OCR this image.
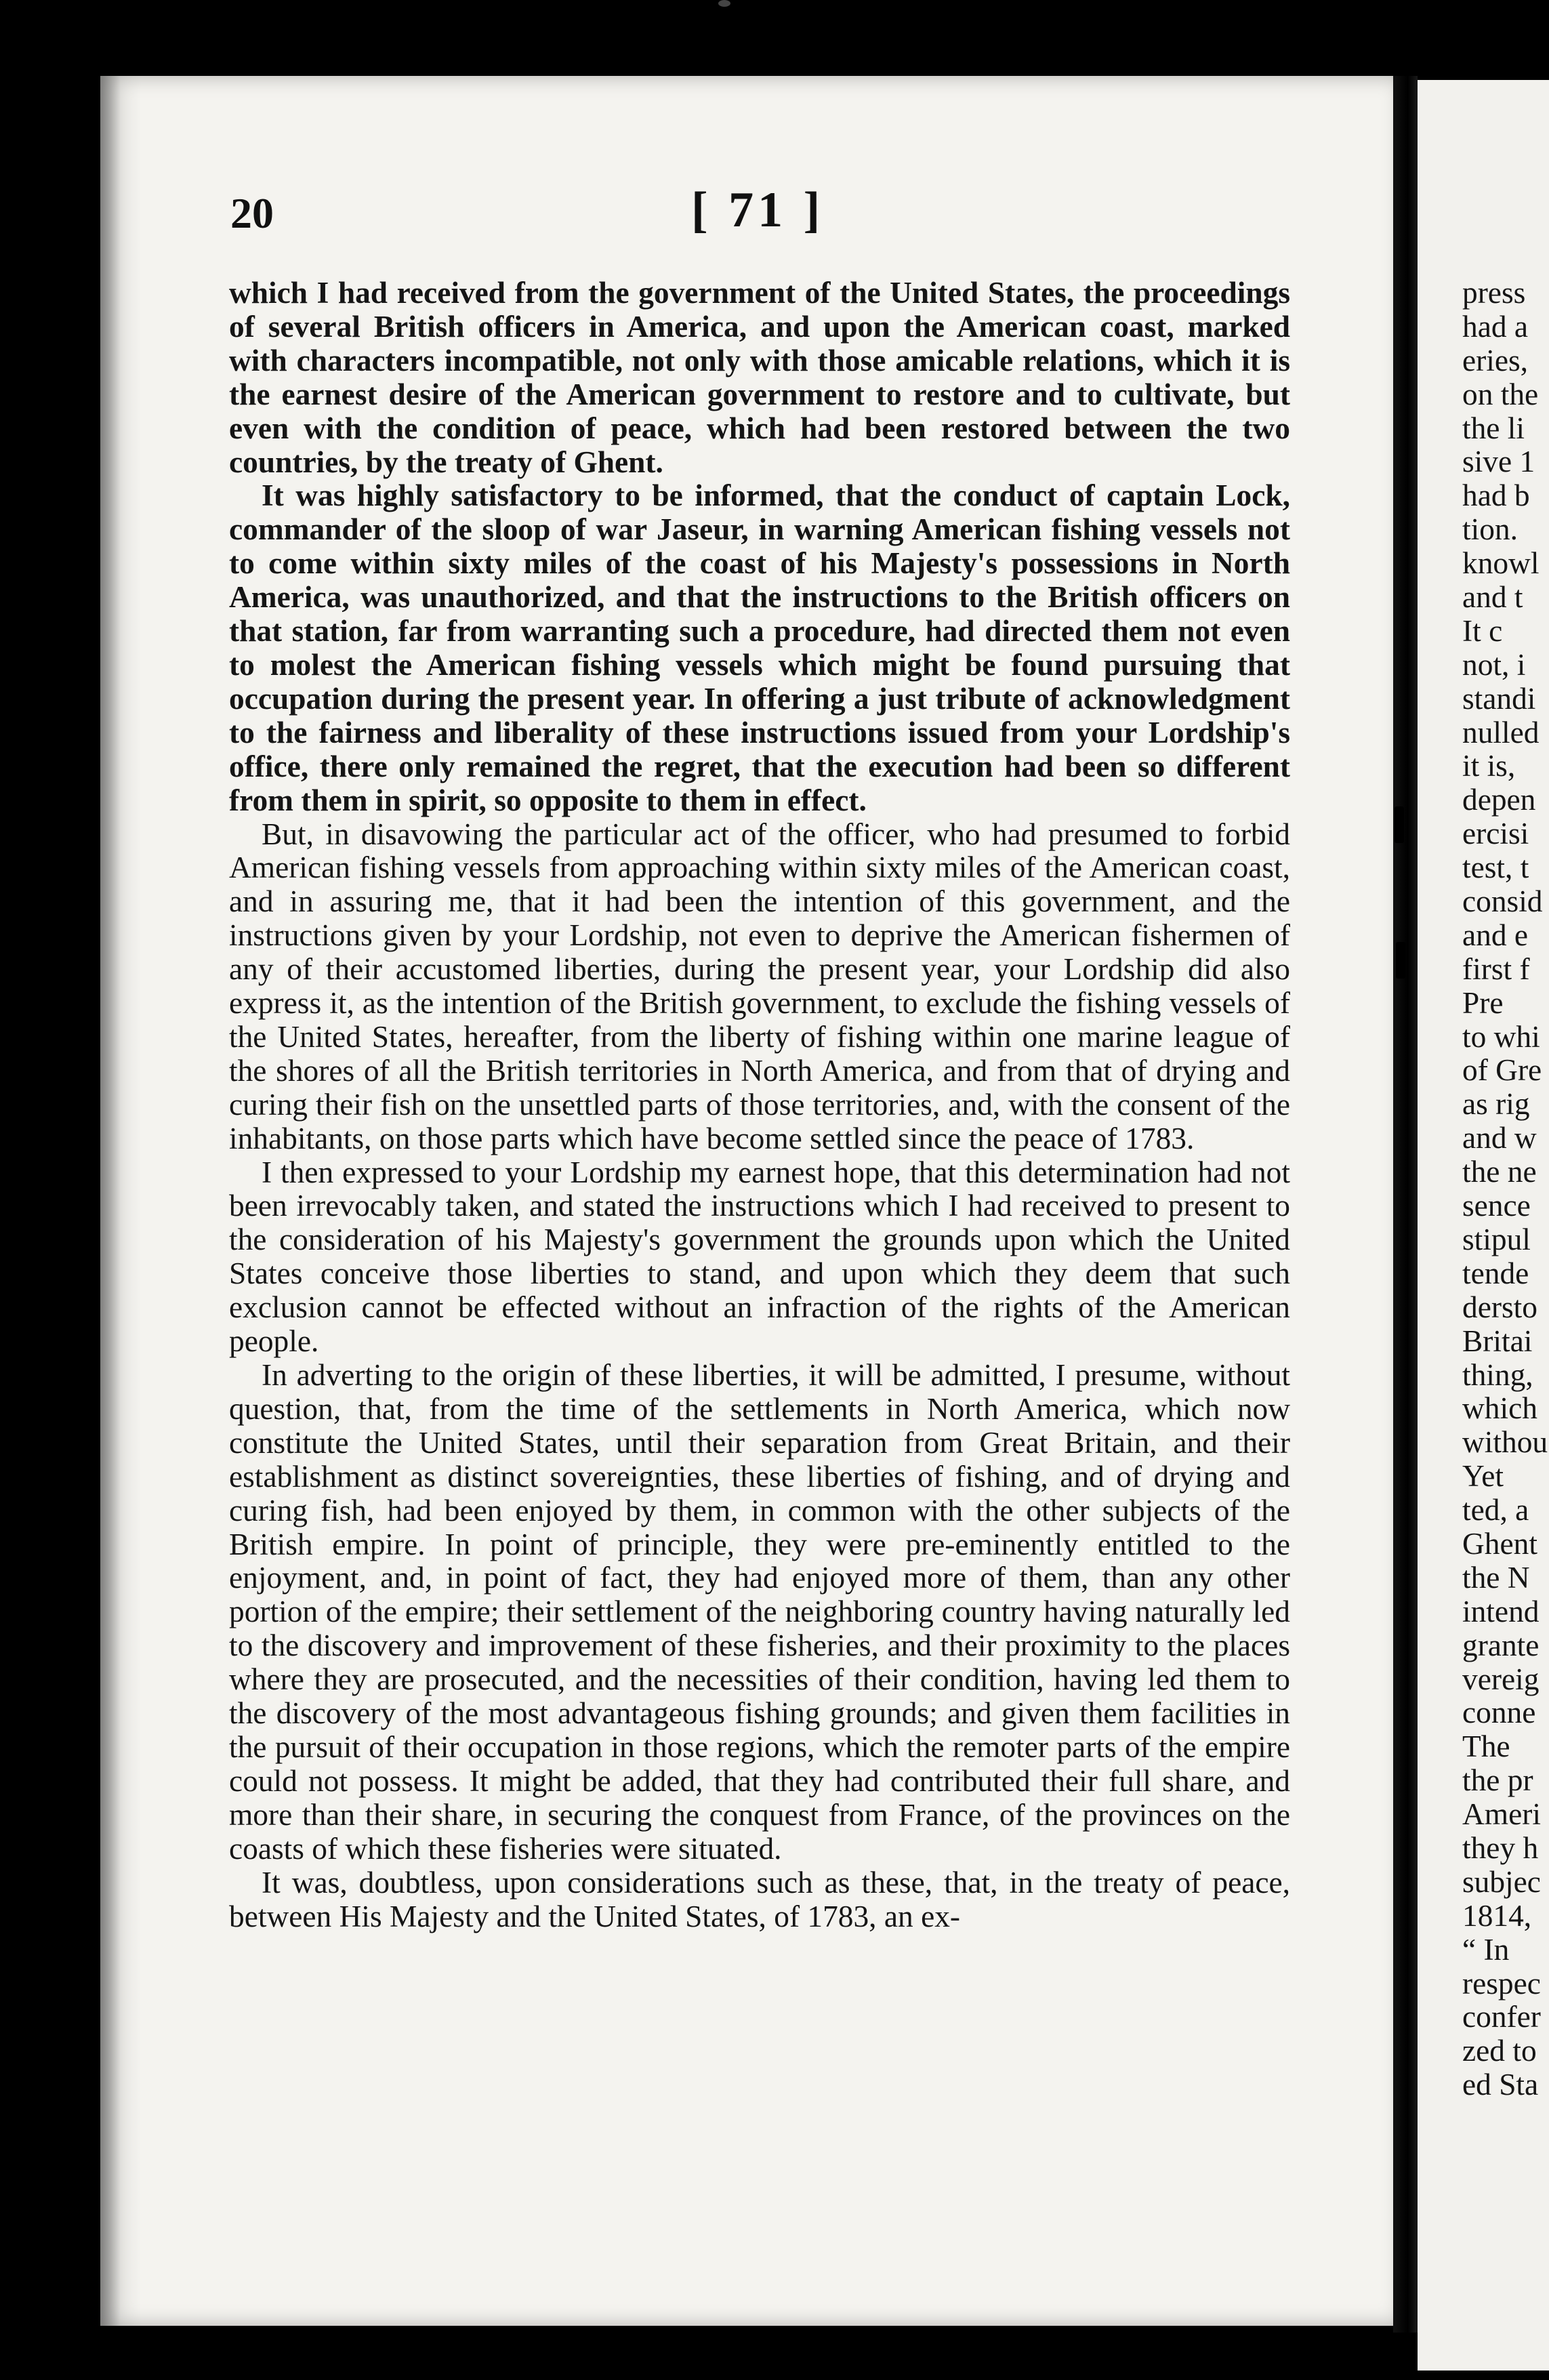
20	[ 71 ]

which I had received from the government of the United States, the proceedings of several British officers in America, and upon the American coast, marked with characters incompatible, not only with those amicable relations, which it is the earnest desire of the American government to restore and to cultivate, but even with the condition of peace, which had been restored between the two countries, by the treaty of Ghent.

It was highly satisfactory to be informed, that the conduct of captain Lock, commander of the sloop of war Jaseur, in warning American fishing vessels not to come within sixty miles of the coast of his Majesty's possessions in North America, was unauthorized, and that the instructions to the British officers on that station, far from warranting such a procedure, had directed them not even to molest the American fishing vessels which might be found pursuing that occupation during the present year. In offering a just tribute of acknowledgment to the fairness and liberality of these instructions issued from your Lordship's office, there only remained the regret, that the execution had been so different from them in spirit, so opposite to them in effect.

But, in disavowing the particular act of the officer, who had presumed to forbid American fishing vessels from approaching within sixty miles of the American coast, and in assuring me, that it had been the intention of this government, and the instructions given by your Lordship, not even to deprive the American fishermen of any of their accustomed liberties, during the present year, your Lordship did also express it, as the intention of the British government, to exclude the fishing vessels of the United States, hereafter, from the liberty of fishing within one marine league of the shores of all the British territories in North America, and from that of drying and curing their fish on the unsettled parts of those territories, and, with the consent of the inhabitants, on those parts which have become settled since the peace of 1783.

I then expressed to your Lordship my earnest hope, that this determination had not been irrevocably taken, and stated the instructions which I had received to present to the consideration of his Majesty's government the grounds upon which the United States conceive those liberties to stand, and upon which they deem that such exclusion cannot be effected without an infraction of the rights of the American people.

In adverting to the origin of these liberties, it will be admitted, I presume, without question, that, from the time of the settlements in North America, which now constitute the United States, until their separation from Great Britain, and their establishment as distinct sovereignties, these liberties of fishing, and of drying and curing fish, had been enjoyed by them, in common with the other subjects of the British empire. In point of principle, they were pre-eminently entitled to the enjoyment, and, in point of fact, they had enjoyed more of them, than any other portion of the empire; their settlement of the neighboring country having naturally led to the discovery and improvement of these fisheries, and their proximity to the places where they are prosecuted, and the necessities of their condition, having led them to the discovery of the most advantageous fishing grounds; and given them facilities in the pursuit of their occupation in those regions, which the remoter parts of the empire could not possess. It might be added, that they had contributed their full share, and more than their share, in securing the conquest from France, of the provinces on the coasts of which these fisheries were situated.

It was, doubtless, upon considerations such as these, that, in the treaty of peace, between His Majesty and the United States, of 1783, an ex-

press
had a
eries,
on the
the li
sive 1
had b
tion.
knowl
and t
It c
not, i
standi
nulled
it is,
depen
ercisi
test, t
consid
and e
first f
Pre
to whi
of Gre
as rig
and w
the ne
sence
stipul
tende
dersto
Britai
thing,
which
withou
Yet
ted, a
Ghent
the N
intend
grante
vereig
conne
The
the pr
Ameri
they h
subjec
1814,
“ In
respec
confer
zed to
ed Sta
